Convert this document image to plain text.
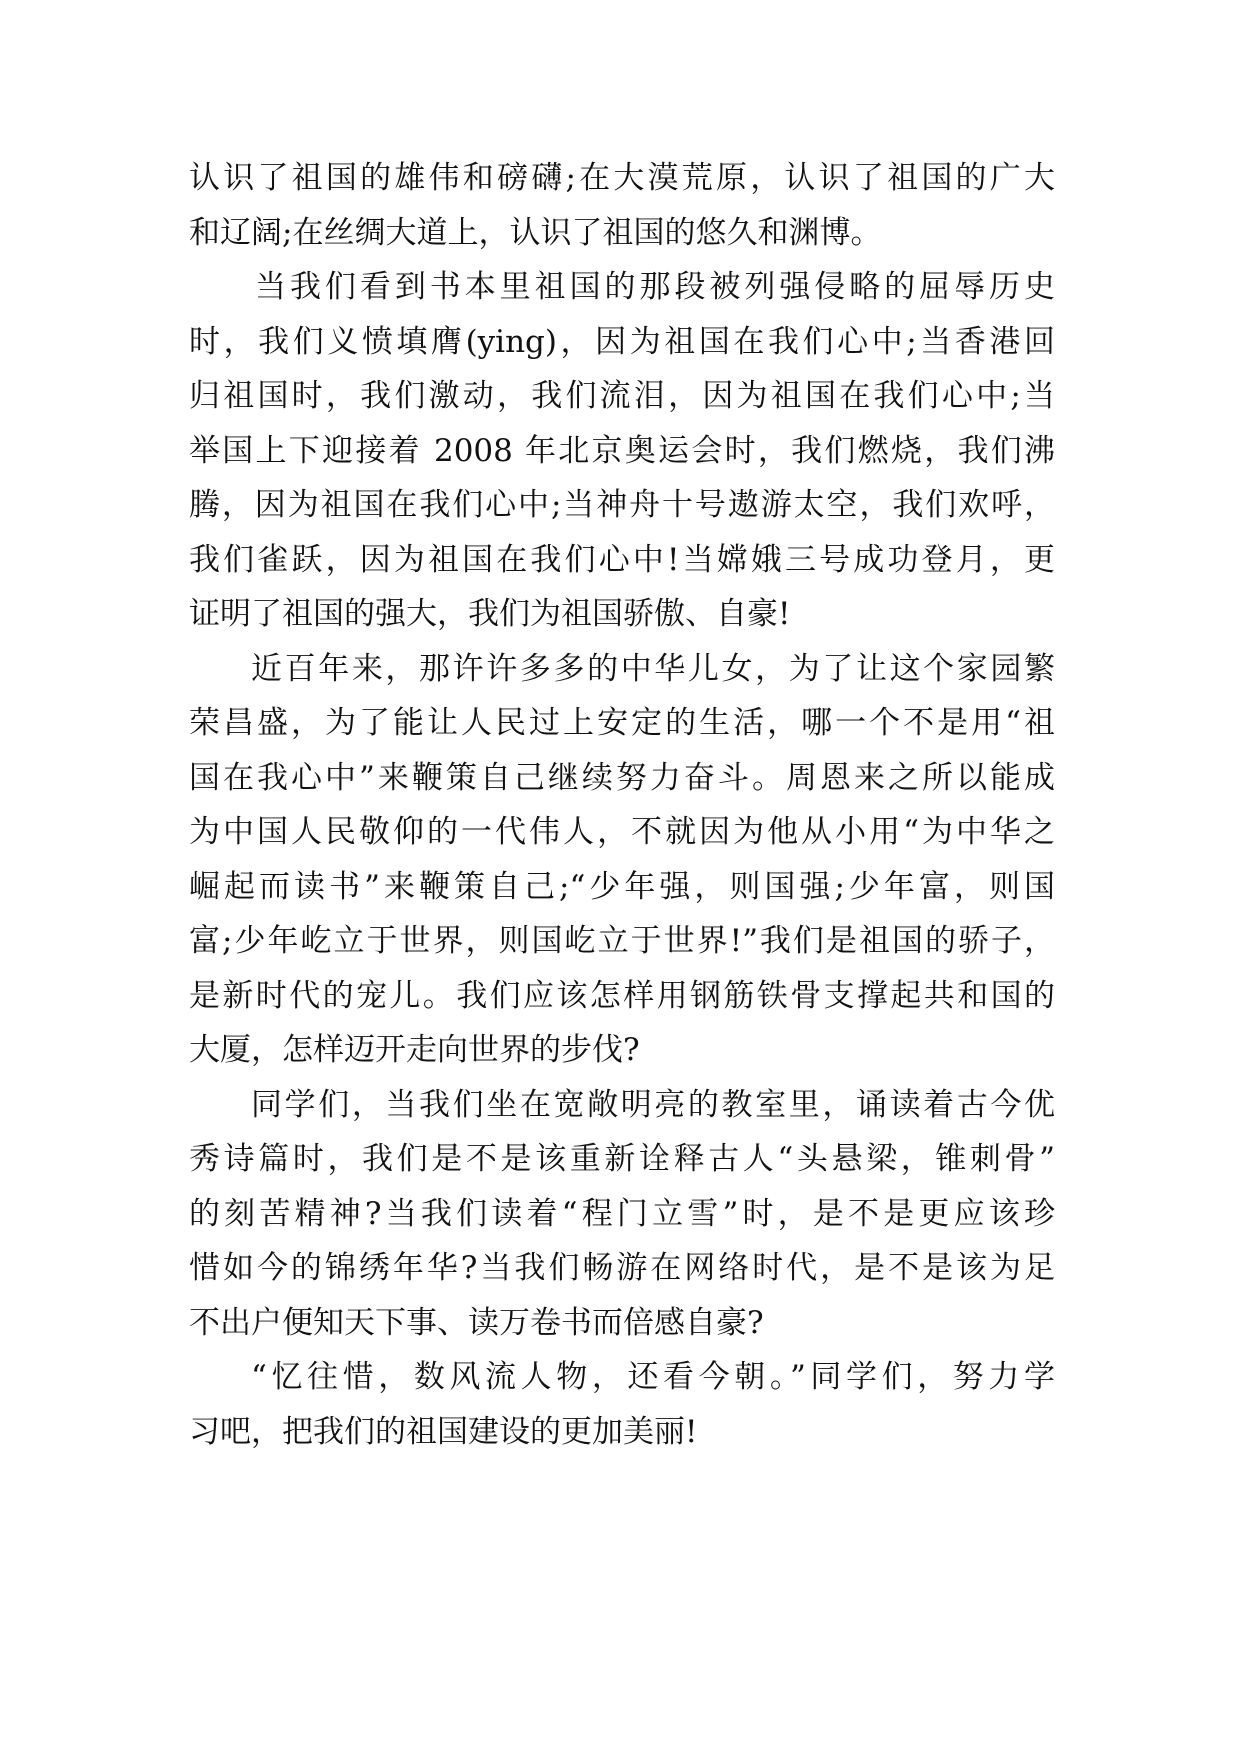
认识了祖国的雄伟和磅礴;在大漠荒原，认识了祖国的广大
和辽阔;在丝绸大道上，认识了祖国的悠久和渊博。
当我们看到书本里祖国的那段被列强侵略的屈辱历史
时，我们义愤填膺(ying)，因为祖国在我们心中;当香港回
归祖国时，我们激动，我们流泪，因为祖国在我们心中;当
举国上下迎接着 2008 年北京奥运会时，我们燃烧，我们沸
腾，因为祖国在我们心中;当神舟十号遨游太空，我们欢呼，
我们雀跃，因为祖国在我们心中!当嫦娥三号成功登月，更
证明了祖国的强大，我们为祖国骄傲、自豪!
近百年来，那许许多多的中华儿女，为了让这个家园繁
荣昌盛，为了能让人民过上安定的生活，哪一个不是用“祖
国在我心中”来鞭策自己继续努力奋斗。周恩来之所以能成
为中国人民敬仰的一代伟人，不就因为他从小用“为中华之
崛起而读书”来鞭策自己;“少年强，则国强;少年富，则国
富;少年屹立于世界，则国屹立于世界!”我们是祖国的骄子，
是新时代的宠儿。我们应该怎样用钢筋铁骨支撑起共和国的
大厦，怎样迈开走向世界的步伐?
同学们，当我们坐在宽敞明亮的教室里，诵读着古今优
秀诗篇时，我们是不是该重新诠释古人“头悬梁，锥刺骨”
的刻苦精神?当我们读着“程门立雪”时，是不是更应该珍
惜如今的锦绣年华?当我们畅游在网络时代，是不是该为足
不出户便知天下事、读万卷书而倍感自豪?
“忆往惜，数风流人物，还看今朝。”同学们，努力学
习吧，把我们的祖国建设的更加美丽!
